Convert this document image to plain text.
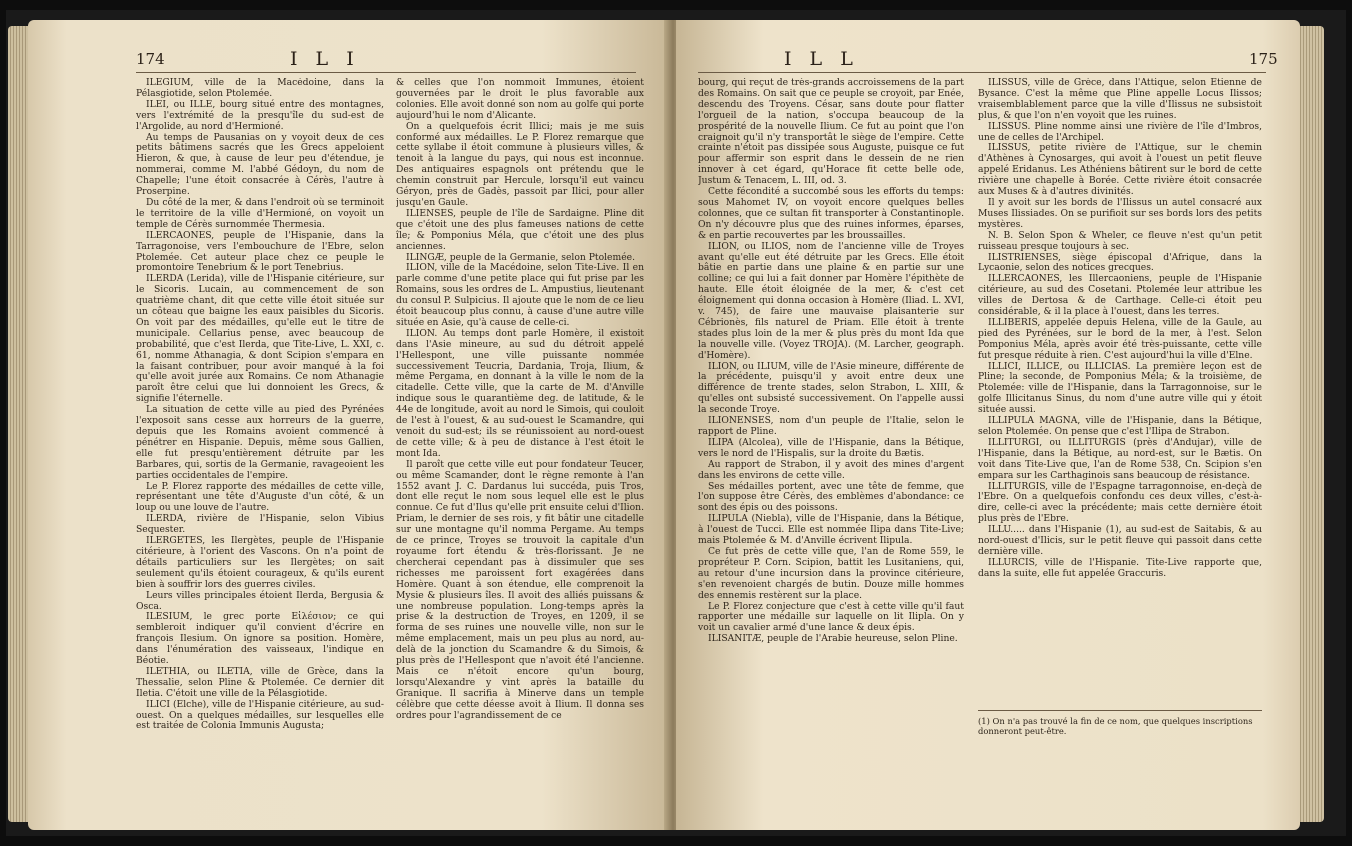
174	I L I

ILEGIUM, ville de la Macédoine, dans la Pélasgiotide, selon Ptolemée.

ILEI, ou ILLE, bourg situé entre des montagnes, vers l'extrémité de la presqu'île du sud-est de l'Argolide, au nord d'Hermioné.

Au temps de Pausanias on y voyoit deux de ces petits bâtimens sacrés que les Grecs appeloient Hieron, & que, à cause de leur peu d'étendue, je nommerai, comme M. l'abbé Gédoyn, du nom de Chapelle; l'une étoit consacrée à Cérès, l'autre à Proserpine.

Du côté de la mer, & dans l'endroit où se terminoit le territoire de la ville d'Hermioné, on voyoit un temple de Cérès surnommée Thermesia.

ILERCAONES, peuple de l'Hispanie, dans la Tarragonoise, vers l'embouchure de l'Ebre, selon Ptolemée. Cet auteur place chez ce peuple le promontoire Tenebrium & le port Tenebrius.

ILERDA (Lerida), ville de l'Hispanie citérieure, sur le Sicoris. Lucain, au commencement de son quatrième chant, dit que cette ville étoit située sur un côteau que baigne les eaux paisibles du Sicoris. On voit par des médailles, qu'elle eut le titre de municipale. Cellarius pense, avec beaucoup de probabilité, que c'est Ilerda, que Tite-Live, L. XXI, c. 61, nomme Athanagia, & dont Scipion s'empara en la faisant contribuer, pour avoir manqué à la foi qu'elle avoit jurée aux Romains. Ce nom Athanagie paroît être celui que lui donnoient les Grecs, & signifie l'éternelle.

La situation de cette ville au pied des Pyrénées l'exposoit sans cesse aux horreurs de la guerre, depuis que les Romains avoient commencé à pénétrer en Hispanie. Depuis, même sous Gallien, elle fut presqu'entièrement détruite par les Barbares, qui, sortis de la Germanie, ravageoient les parties occidentales de l'empire.

Le P. Florez rapporte des médailles de cette ville, représentant une tête d'Auguste d'un côté, & un loup ou une louve de l'autre.

ILERDA, rivière de l'Hispanie, selon Vibius Sequester.

ILERGETES, les Ilergètes, peuple de l'Hispanie citérieure, à l'orient des Vascons. On n'a point de détails particuliers sur les Ilergètes; on sait seulement qu'ils étoient courageux, & qu'ils eurent bien à souffrir lors des guerres civiles.

Leurs villes principales étoient Ilerda, Bergusia & Osca.

ILESIUM, le grec porte Εἰλέσιον; ce qui sembleroit indiquer qu'il convient d'écrire en françois Ilesium. On ignore sa position. Homère, dans l'énumération des vaisseaux, l'indique en Béotie.

ILETHIA, ou ILETIA, ville de Grèce, dans la Thessalie, selon Pline & Ptolemée. Ce dernier dit Iletia. C'étoit une ville de la Pélasgiotide.

ILICI (Elche), ville de l'Hispanie citérieure, au sud-ouest. On a quelques médailles, sur lesquelles elle est traitée de Colonia Immunis Augusta;

& celles que l'on nommoit Immunes, étoient gouvernées par le droit le plus favorable aux colonies. Elle avoit donné son nom au golfe qui porte aujourd'hui le nom d'Alicante.

On a quelquefois écrit Illici; mais je me suis conformé aux médailles. Le P. Florez remarque que cette syllabe il étoit commune à plusieurs villes, & tenoit à la langue du pays, qui nous est inconnue. Des antiquaires espagnols ont prétendu que le chemin construit par Hercule, lorsqu'il eut vaincu Géryon, près de Gadès, passoit par Ilici, pour aller jusqu'en Gaule.

ILIENSES, peuple de l'île de Sardaigne. Pline dit que c'étoit une des plus fameuses nations de cette île; & Pomponius Méla, que c'étoit une des plus anciennes.

ILINGÆ, peuple de la Germanie, selon Ptolemée.

ILION, ville de la Macédoine, selon Tite-Live. Il en parle comme d'une petite place qui fut prise par les Romains, sous les ordres de L. Ampustius, lieutenant du consul P. Sulpicius. Il ajoute que le nom de ce lieu étoit beaucoup plus connu, à cause d'une autre ville située en Asie, qu'à cause de celle-ci.

ILION. Au temps dont parle Homère, il existoit dans l'Asie mineure, au sud du détroit appelé l'Hellespont, une ville puissante nommée successivement Teucria, Dardania, Troja, Ilium, & même Pergama, en donnant à la ville le nom de la citadelle. Cette ville, que la carte de M. d'Anville indique sous le quarantième deg. de latitude, & le 44e de longitude, avoit au nord le Simois, qui couloit de l'est à l'ouest, & au sud-ouest le Scamandre, qui venoit du sud-est; ils se réunissoient au nord-ouest de cette ville; & à peu de distance à l'est étoit le mont Ida.

Il paroît que cette ville eut pour fondateur Teucer, ou même Scamander, dont le règne remonte à l'an 1552 avant J. C. Dardanus lui succéda, puis Tros, dont elle reçut le nom sous lequel elle est le plus connue. Ce fut d'Ilus qu'elle prit ensuite celui d'Ilion. Priam, le dernier de ses rois, y fit bâtir une citadelle sur une montagne qu'il nomma Pergame. Au temps de ce prince, Troyes se trouvoit la capitale d'un royaume fort étendu & très-florissant. Je ne chercherai cependant pas à dissimuler que ses richesses me paroissent fort exagérées dans Homère. Quant à son étendue, elle comprenoit la Mysie & plusieurs îles. Il avoit des alliés puissans & une nombreuse population. Long-temps après la prise & la destruction de Troyes, en 1209, il se forma de ses ruines une nouvelle ville, non sur le même emplacement, mais un peu plus au nord, au-delà de la jonction du Scamandre & du Simois, & plus près de l'Hellespont que n'avoit été l'ancienne. Mais ce n'étoit encore qu'un bourg, lorsqu'Alexandre y vint après la bataille du Granique. Il sacrifia à Minerve dans un temple célèbre que cette déesse avoit à Ilium. Il donna ses ordres pour l'agrandissement de ce

I L L	175

bourg, qui reçut de très-grands accroissemens de la part des Romains. On sait que ce peuple se croyoit, par Enée, descendu des Troyens. César, sans doute pour flatter l'orgueil de la nation, s'occupa beaucoup de la prospérité de la nouvelle Ilium. Ce fut au point que l'on craignoit qu'il n'y transportât le siège de l'empire. Cette crainte n'étoit pas dissipée sous Auguste, puisque ce fut pour affermir son esprit dans le dessein de ne rien innover à cet égard, qu'Horace fit cette belle ode, Justum & Tenacem, L. III, od. 3.

Cette fécondité a succombé sous les efforts du temps: sous Mahomet IV, on voyoit encore quelques belles colonnes, que ce sultan fit transporter à Constantinople. On n'y découvre plus que des ruines informes, éparses, & en partie recouvertes par les broussailles.

ILION, ou ILIOS, nom de l'ancienne ville de Troyes avant qu'elle eut été détruite par les Grecs. Elle étoit bâtie en partie dans une plaine & en partie sur une colline; ce qui lui a fait donner par Homère l'épithète de haute. Elle étoit éloignée de la mer, & c'est cet éloignement qui donna occasion à Homère (Iliad. L. XVI, v. 745), de faire une mauvaise plaisanterie sur Cébrionès, fils naturel de Priam. Elle étoit à trente stades plus loin de la mer & plus près du mont Ida que la nouvelle ville. (Voyez TROJA). (M. Larcher, geograph. d'Homère).

ILION, ou ILIUM, ville de l'Asie mineure, différente de la précédente, puisqu'il y avoit entre deux une différence de trente stades, selon Strabon, L. XIII, & qu'elles ont subsisté successivement. On l'appelle aussi la seconde Troye.

ILIONENSES, nom d'un peuple de l'Italie, selon le rapport de Pline.

ILIPA (Alcolea), ville de l'Hispanie, dans la Bétique, vers le nord de l'Hispalis, sur la droite du Bætis.

Au rapport de Strabon, il y avoit des mines d'argent dans les environs de cette ville.

Ses médailles portent, avec une tête de femme, que l'on suppose être Cérès, des emblèmes d'abondance: ce sont des épis ou des poissons.

ILIPULA (Niebla), ville de l'Hispanie, dans la Bétique, à l'ouest de Tucci. Elle est nommée Ilipa dans Tite-Live; mais Ptolemée & M. d'Anville écrivent Ilipula.

Ce fut près de cette ville que, l'an de Rome 559, le propréteur P. Corn. Scipion, battit les Lusitaniens, qui, au retour d'une incursion dans la province citérieure, s'en revenoient chargés de butin. Douze mille hommes des ennemis restèrent sur la place.

Le P. Florez conjecture que c'est à cette ville qu'il faut rapporter une médaille sur laquelle on lit Ilipla. On y voit un cavalier armé d'une lance & deux épis.

ILISANITÆ, peuple de l'Arabie heureuse, selon Pline.

ILISSUS, ville de Grèce, dans l'Attique, selon Etienne de Bysance. C'est la même que Pline appelle Locus Ilissos; vraisemblablement parce que la ville d'Ilissus ne subsistoit plus, & que l'on n'en voyoit que les ruines.

ILISSUS. Pline nomme ainsi une rivière de l'île d'Imbros, une de celles de l'Archipel.

ILISSUS, petite rivière de l'Attique, sur le chemin d'Athènes à Cynosarges, qui avoit à l'ouest un petit fleuve appelé Eridanus. Les Athéniens bâtirent sur le bord de cette rivière une chapelle à Borée. Cette rivière étoit consacrée aux Muses & à d'autres divinités.

Il y avoit sur les bords de l'Ilissus un autel consacré aux Muses Ilissiades. On se purifioit sur ses bords lors des petits mystères.

N. B. Selon Spon & Wheler, ce fleuve n'est qu'un petit ruisseau presque toujours à sec.

ILISTRIENSES, siège épiscopal d'Afrique, dans la Lycaonie, selon des notices grecques.

ILLERCAONES, les Illercaoniens, peuple de l'Hispanie citérieure, au sud des Cosetani. Ptolemée leur attribue les villes de Dertosa & de Carthage. Celle-ci étoit peu considérable, & il la place à l'ouest, dans les terres.

ILLIBERIS, appelée depuis Helena, ville de la Gaule, au pied des Pyrénées, sur le bord de la mer, à l'est. Selon Pomponius Méla, après avoir été très-puissante, cette ville fut presque réduite à rien. C'est aujourd'hui la ville d'Elne.

ILLICI, ILLICE, ou ILLICIAS. La première leçon est de Pline; la seconde, de Pomponius Méla; & la troisième, de Ptolemée: ville de l'Hispanie, dans la Tarragonnoise, sur le golfe Illicitanus Sinus, du nom d'une autre ville qui y étoit située aussi.

ILLIPULA MAGNA, ville de l'Hispanie, dans la Bétique, selon Ptolemée. On pense que c'est l'Ilipa de Strabon.

ILLITURGI, ou ILLITURGIS (près d'Andujar), ville de l'Hispanie, dans la Bétique, au nord-est, sur le Bætis. On voit dans Tite-Live que, l'an de Rome 538, Cn. Scipion s'en empara sur les Carthaginois sans beaucoup de résistance.

ILLITURGIS, ville de l'Espagne tarragonnoise, en-deçà de l'Ebre. On a quelquefois confondu ces deux villes, c'est-à-dire, celle-ci avec la précédente; mais cette dernière étoit plus près de l'Ebre.

ILLU..... dans l'Hispanie (1), au sud-est de Saitabis, & au nord-ouest d'Ilicis, sur le petit fleuve qui passoit dans cette dernière ville.

ILLURCIS, ville de l'Hispanie. Tite-Live rapporte que, dans la suite, elle fut appelée Graccuris.

(1) On n'a pas trouvé la fin de ce nom, que quelques inscriptions donneront peut-être.
